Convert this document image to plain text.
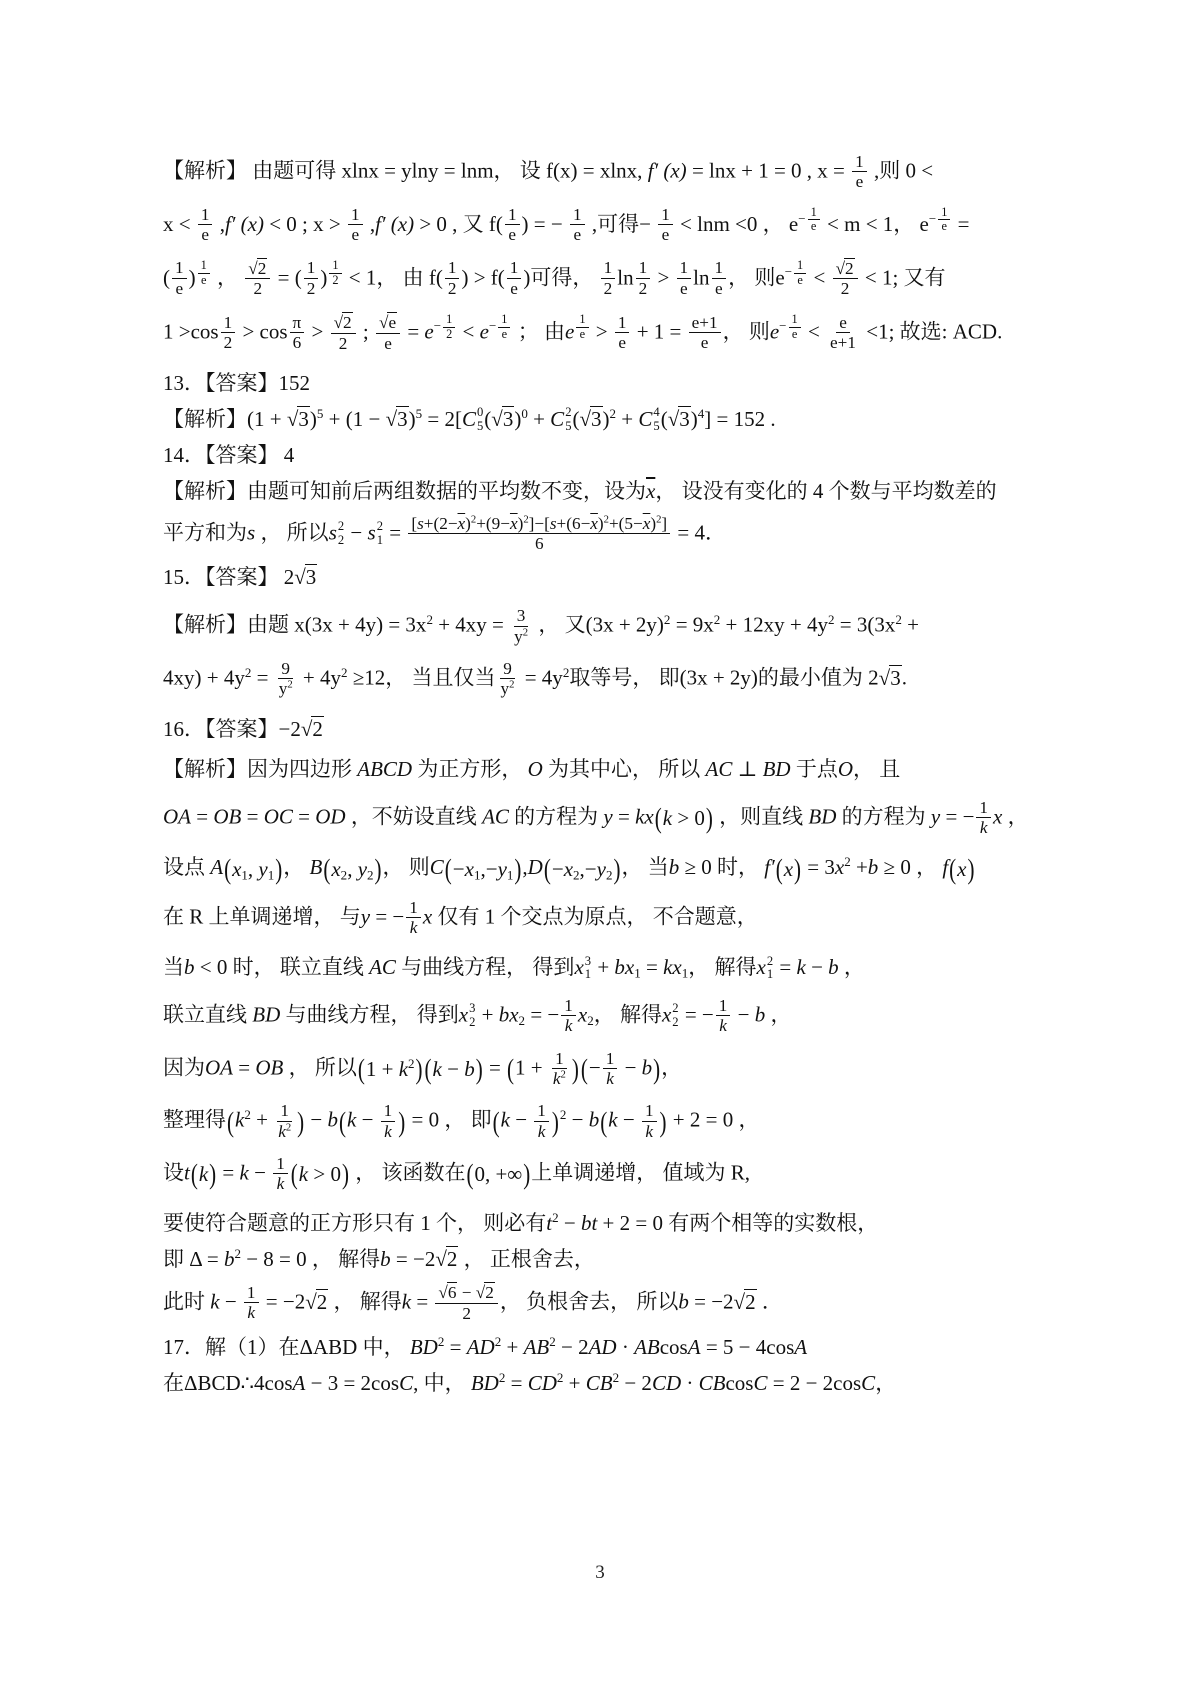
【解析】 由题可得 xlnx = ylny = lnm， 设 f(x) = xlnx, f′ (x) = lnx + 1 = 0 , $x = \frac{1}{e}$ ,则 0 <
$x < \frac{1}{e} ,f'$ (x) < 0 ; $x > \frac{1}{e} ,f'$ (x) > 0 , 又 $f( \frac{1}{e}$ ) = − $\frac{1}{e}$ ,可得− $\frac{1}{e} < \ln m <0$ ， $e^{- \frac{1}{e}} < m < 1$， $e^{- \frac{1}{e}}$ =
( $\frac{1}{e}$ ) $^{\frac{1}{e}}$ ， $\frac{√2}{2}$ = ( $\frac{1}{2}$ ) $^{\frac{1}{2}}$ < 1， 由 $f( \frac{1}{2}$ ) > $f( \frac{1}{e}$ )可得， $\frac{1}{2}$ $\ln \frac{1}{2} > \frac{1}{e}$ $\ln \frac{1}{e}$ ， 则$e^{- \frac{1}{e}} < \frac{√2}{2} < 1$; 又有
$1 >\cos \frac{1}{2} > \cos \frac{\pi}{6} > \frac{√2}{2}$ ; $\frac{√e}{e} = e^{- \frac{1}{2}} < e^{- \frac{1}{e}}$ ； 由e $^{\frac{1}{e}} > \frac{1}{e} + 1 = \frac{e+1}{e}$ ， 则$e^{- \frac{1}{e}} < \frac{e}{e+1} <1$; 故选: ACD.
13．【答案】152
【解析】$(1 + √3)^5 + (1 - √3)^5 = 2[C$ 0
5 $(√3)^0 + C$ 2
5 $(√3)^2 + C$ 4
5 $(√3)^4] = 152$ .
14．【答案】 4
【解析】由题可知前后两组数据的平均数不变，设为$\overline{x}$， 设没有变化的 4 个数与平均数差的
平方和为s ， 所以s 2
2 − s 2
$1 = \frac{[s+(2-\overline{x})^2+(9-\overline{x})^2]-[s+(6-\overline{x})^2+(5-\overline{x})^2]}{6} = 4$．
15．【答案】 2√3
【解析】由题 $x(3x + 4y) = 3x^2 + 4xy = \frac{3}{y^2}$ ， 又$(3x + 2y)^2 = 9x^2 + 12xy + 4y^2 = 3(3x^2$ +
$4xy) + 4y^2 = \frac{9}{y^2} + 4y^2 \ge 12$， 当且仅当 $\frac{9}{y^2} = 4y^2$取等号， 即(3x + 2y)的最小值为 2√3.
16．【答案】−2√2
【解析】因为四边形 ABCD 为正方形， O 为其中心， 所以 AC ⊥ BD 于点O， 且
OA = OB = OC = OD ，不妨设直线 AC 的方程为 y = kx ( k > 0 ) ，则直线 BD 的方程为 y = − $\frac{1}{k}$ x ，
设点 A ( $x_1$, $y_1$ ) ， B ( $x_2$, $y_2$ ) ， 则C ( $-x_1,-y_1$ ) ,D ( $-x_2,-y_2$ ) ， 当b ≥ 0 时， f′ ( x ) = $3x^2 +b \ge 0$ ， f ( x )
在 R 上单调递增， 与y = − $\frac{1}{k}$ x 仅有 1 个交点为原点， 不合题意，
当b < 0 时， 联立直线 AC 与曲线方程， 得到x 3
$1 + bx_1 = kx_1$， 解得x 2
1 = k − b ，
联立直线 BD 与曲线方程， 得到x 3
$2 + bx_2$ = − $\frac{1}{k} x_2$， 解得x 2
2 = − $\frac{1}{k} - b$ ，
因为OA = OB ， 所以 ( $1 + k^2$ ) ( k − b ) = ( $1 + \frac{1}{k^2}$ ) ( − $\frac{1}{k} - b$ ) ，
整理得 ( $k^2 + \frac{1}{k^2}$ ) − b ( $k - \frac{1}{k}$ ) = 0 ， 即 ( $k - \frac{1}{k}$ ) $^2$ − b ( $k - \frac{1}{k}$ ) + 2 = 0 ，
设t ( k ) = $k - \frac{1}{k}$ ( k > 0 ) ， 该函数在 ( 0, +∞ ) 上单调递增， 值域为 R,
要使符合题意的正方形只有 1 个， 则必有$t^2$ − bt + 2 = 0 有两个相等的实数根，
即 $\Delta = b^2 - 8 = 0$ ， 解得b = −2√2 ， 正根舍去，
此时 $k - \frac{1}{k} = -2√2$ ， 解得$k = \frac{√6 - √2}{2}$ ， 负根舍去， 所以b = −2√2 ．
17．解（1）在ΔABD 中， $BD^2 = AD^2 + AB^2 - 2AD \cdot ABcosA = 5 - 4\cos A$
在ΔBCD∴4cosA − 3 = 2cosC, 中， $BD^2 = CD^2 + CB^2 - 2CD \cdot CBcosC = 2 - 2\cos C$，
3
